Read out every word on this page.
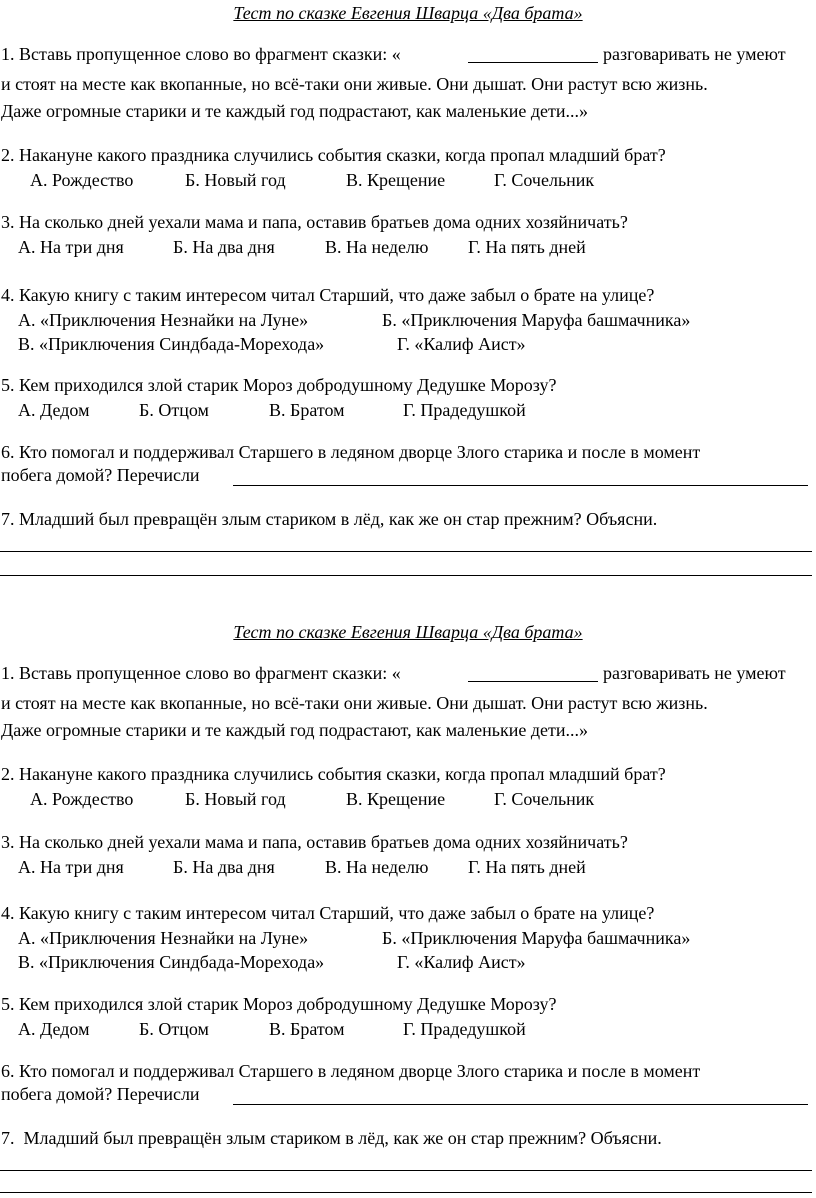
Тест по сказке Евгения Шварца «Два брата»
1. Вставь пропущенное слово во фрагмент сказки: «	разговаривать не умеют
и стоят на месте как вкопанные, но всё-таки они живые. Они дышат. Они растут всю жизнь.
Даже огромные старики и те каждый год подрастают, как маленькие дети...»
2. Накануне какого праздника случились события сказки, когда пропал младший брат?
А. Рождество	Б. Новый год	В. Крещение	Г. Сочельник
3. На сколько дней уехали мама и папа, оставив братьев дома одних хозяйничать?
А. На три дня	Б. На два дня	В. На неделю Г. На пять дней
4. Какую книгу с таким интересом читал Старший, что даже забыл о брате на улице?
А. «Приключения Незнайки на Луне»	Б. «Приключения Маруфа башмачника»
В. «Приключения Синдбада-Морехода»	Г. «Калиф Аист»
5. Кем приходился злой старик Мороз добродушному Дедушке Морозу?
А. Дедом	Б. Отцом	В. Братом	Г. Прадедушкой
6. Кто помогал и поддерживал Старшего в ледяном дворце Злого старика и после в момент
побега домой? Перечисли
7. Младший был превращён злым стариком в лёд, как же он стар прежним? Объясни.
Тест по сказке Евгения Шварца «Два брата»
1. Вставь пропущенное слово во фрагмент сказки: «	разговаривать не умеют
и стоят на месте как вкопанные, но всё-таки они живые. Они дышат. Они растут всю жизнь.
Даже огромные старики и те каждый год подрастают, как маленькие дети...»
2. Накануне какого праздника случились события сказки, когда пропал младший брат?
А. Рождество	Б. Новый год	В. Крещение	Г. Сочельник
3. На сколько дней уехали мама и папа, оставив братьев дома одних хозяйничать?
А. На три дня	Б. На два дня	В. На неделю Г. На пять дней
4. Какую книгу с таким интересом читал Старший, что даже забыл о брате на улице?
А. «Приключения Незнайки на Луне»	Б. «Приключения Маруфа башмачника»
В. «Приключения Синдбада-Морехода»	Г. «Калиф Аист»
5. Кем приходился злой старик Мороз добродушному Дедушке Морозу?
А. Дедом	Б. Отцом	В. Братом	Г. Прадедушкой
6. Кто помогал и поддерживал Старшего в ледяном дворце Злого старика и после в момент
побега домой? Перечисли
7.  Младший был превращён злым стариком в лёд, как же он стар прежним? Объясни.
